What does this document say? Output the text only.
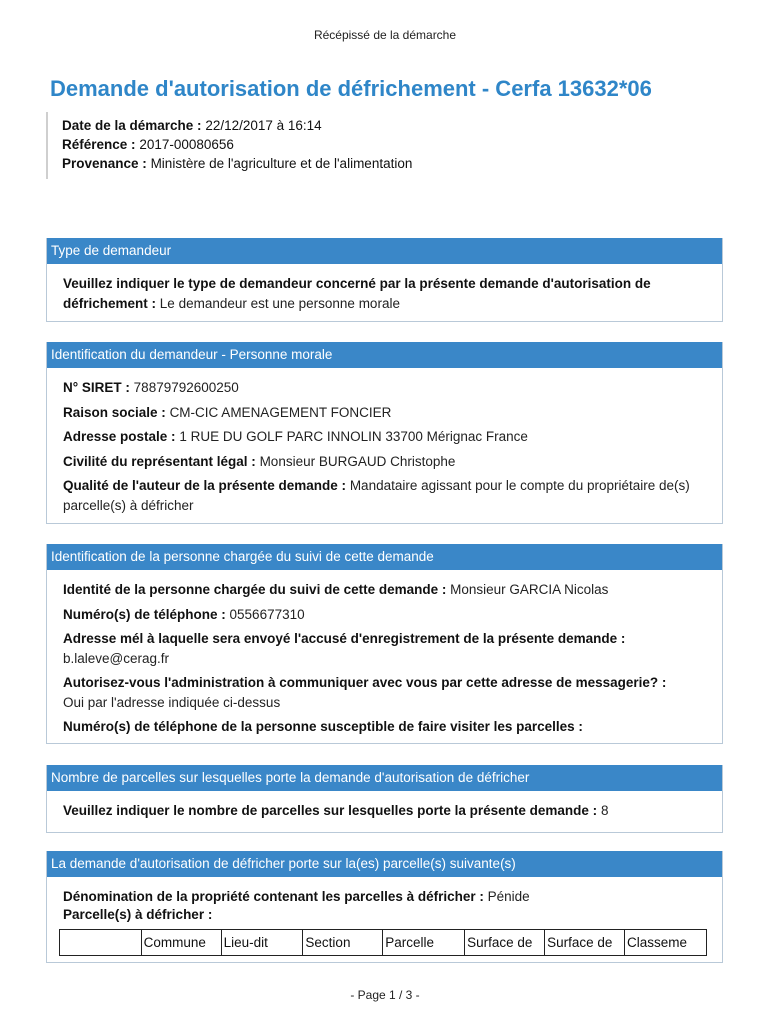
Récépissé de la démarche
Demande d'autorisation de défrichement - Cerfa 13632*06
Date de la démarche : 22/12/2017 à 16:14
Référence : 2017-00080656
Provenance : Ministère de l'agriculture et de l'alimentation
Type de demandeur
Veuillez indiquer le type de demandeur concerné par la présente demande d'autorisation de défrichement : Le demandeur est une personne morale
Identification du demandeur - Personne morale
N° SIRET : 78879792600250
Raison sociale : CM-CIC AMENAGEMENT FONCIER
Adresse postale : 1 RUE DU GOLF PARC INNOLIN 33700 Mérignac France
Civilité du représentant légal : Monsieur BURGAUD Christophe
Qualité de l'auteur de la présente demande : Mandataire agissant pour le compte du propriétaire de(s) parcelle(s) à défricher
Identification de la personne chargée du suivi de cette demande
Identité de la personne chargée du suivi de cette demande : Monsieur GARCIA Nicolas
Numéro(s) de téléphone : 0556677310
Adresse mél à laquelle sera envoyé l'accusé d'enregistrement de la présente demande :
b.laleve@cerag.fr
Autorisez-vous l'administration à communiquer avec vous par cette adresse de messagerie? :
Oui par l'adresse indiquée ci-dessus
Numéro(s) de téléphone de la personne susceptible de faire visiter les parcelles :
Nombre de parcelles sur lesquelles porte la demande d'autorisation de défricher
Veuillez indiquer le nombre de parcelles sur lesquelles porte la présente demande : 8
La demande d'autorisation de défricher porte sur la(es) parcelle(s) suivante(s)
Dénomination de la propriété contenant les parcelles à défricher : Pénide
Parcelle(s) à défricher :
	Commune	Lieu-dit	Section	Parcelle	Surface de	Surface de	Classeme
- Page 1 / 3 -
